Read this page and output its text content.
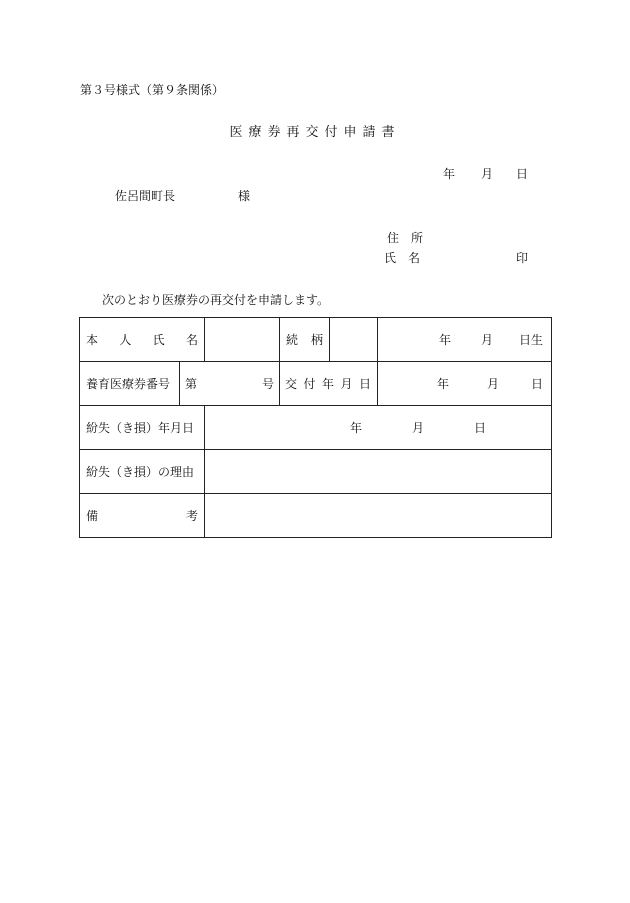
第３号様式（第９条関係）
医療券再交付申請書
年 月 日
佐呂間町長	様
住　所
氏　名	印
次のとおり医療券の再交付を申請します。
本 人 氏 名			続 柄		年 月 日生

養育医療券番号	第 号		交 付 年 月 日		年 月 日

紛失（き損）年月日		年 月 日			

紛失（き損）の理由					

備 考					
